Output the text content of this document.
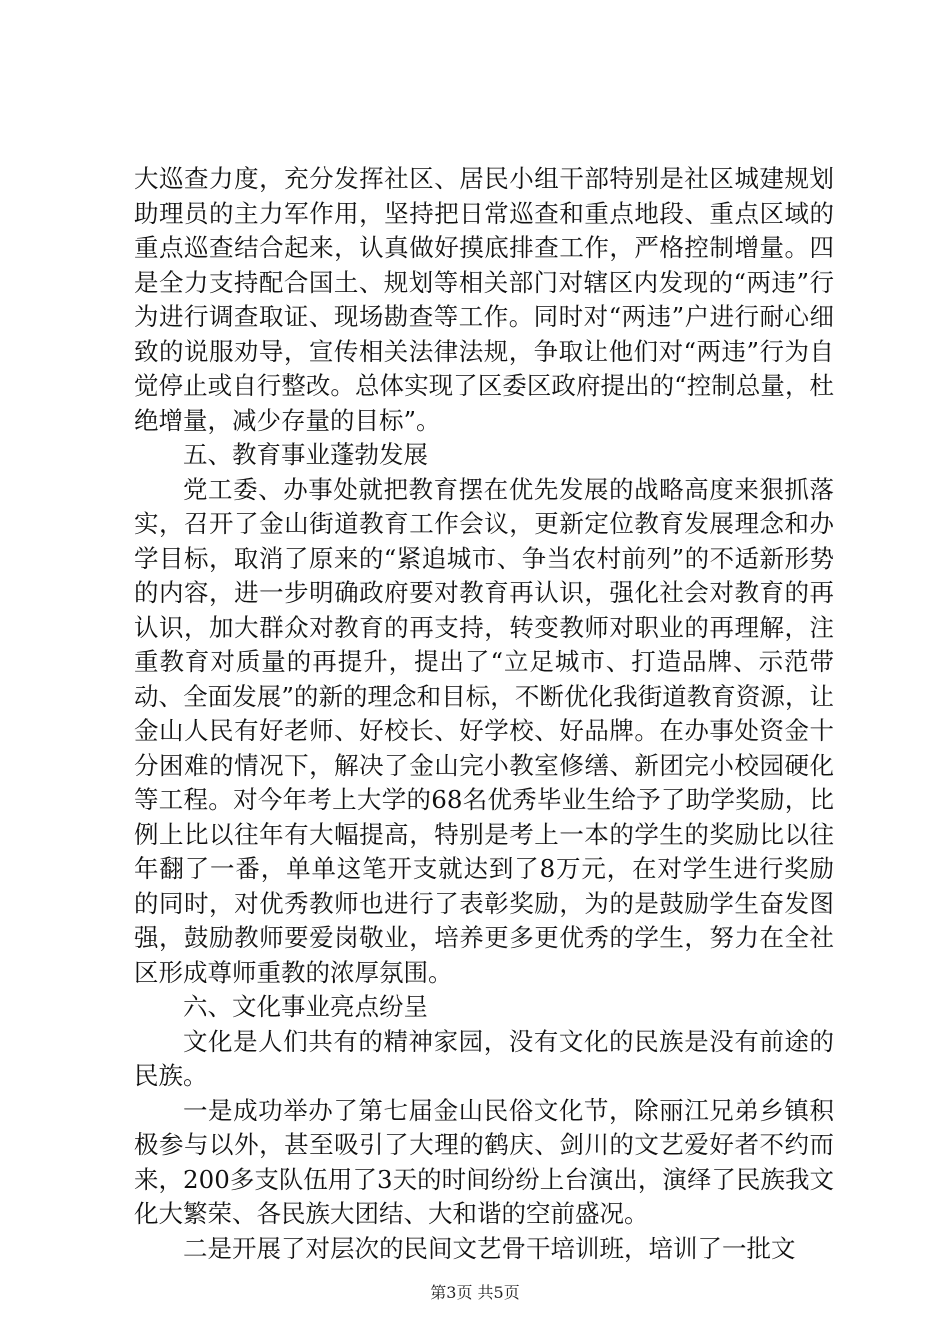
大巡查力度，充分发挥社区、居民小组干部特别是社区城建规划助理员的主力军作用，坚持把日常巡查和重点地段、重点区域的重点巡查结合起来，认真做好摸底排查工作，严格控制增量。四是全力支持配合国土、规划等相关部门对辖区内发现的“两违”行为进行调查取证、现场勘查等工作。同时对“两违”户进行耐心细致的说服劝导，宣传相关法律法规，争取让他们对“两违”行为自觉停止或自行整改。总体实现了区委区政府提出的“控制总量，杜绝增量，减少存量的目标”。

五、教育事业蓬勃发展

党工委、办事处就把教育摆在优先发展的战略高度来狠抓落实，召开了金山街道教育工作会议，更新定位教育发展理念和办学目标，取消了原来的“紧追城市、争当农村前列”的不适新形势的内容，进一步明确政府要对教育再认识，强化社会对教育的再认识，加大群众对教育的再支持，转变教师对职业的再理解，注重教育对质量的再提升，提出了“立足城市、打造品牌、示范带动、全面发展”的新的理念和目标，不断优化我街道教育资源，让金山人民有好老师、好校长、好学校、好品牌。在办事处资金十分困难的情况下，解决了金山完小教室修缮、新团完小校园硬化等工程。对今年考上大学的68名优秀毕业生给予了助学奖励，比例上比以往年有大幅提高，特别是考上一本的学生的奖励比以往年翻了一番，单单这笔开支就达到了8万元，在对学生进行奖励的同时，对优秀教师也进行了表彰奖励，为的是鼓励学生奋发图强，鼓励教师要爱岗敬业，培养更多更优秀的学生，努力在全社区形成尊师重教的浓厚氛围。

六、文化事业亮点纷呈

文化是人们共有的精神家园，没有文化的民族是没有前途的民族。

一是成功举办了第七届金山民俗文化节，除丽江兄弟乡镇积极参与以外，甚至吸引了大理的鹤庆、剑川的文艺爱好者不约而来，200多支队伍用了3天的时间纷纷上台演出，演绎了民族我文化大繁荣、各民族大团结、大和谐的空前盛况。

二是开展了对层次的民间文艺骨干培训班，培训了一批文

第3页 共5页
